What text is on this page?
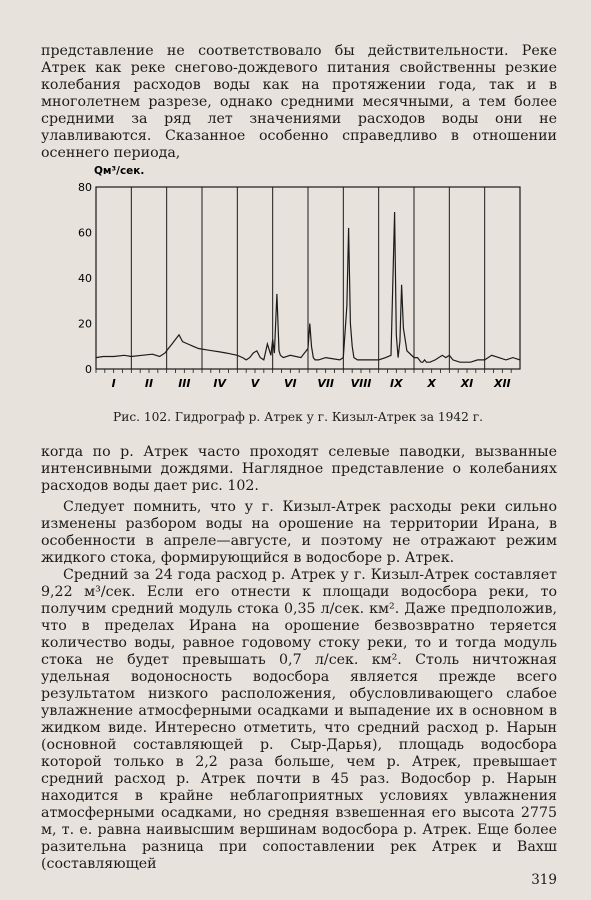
представление не соответствовало бы действительности. Реке Атрек как реке снегово-дождевого питания свойственны резкие колебания расходов воды как на протяжении года, так и в многолетнем разрезе, однако средними месячными, а тем более средними за ряд лет значениями расходов воды они не улавливаются. Сказанное особенно справедливо в отношении осеннего периода,

Qм³/сек.
0
20
40
60
80
I	II III IV V VI VII VIII IX X XI XII
Рис. 102. Гидрограф р. Атрек у г. Кизыл-Атрек за 1942 г.

когда по р. Атрек часто проходят селевые паводки, вызванные интенсивными дождями. Наглядное представление о колебаниях расходов воды дает рис. 102.

Следует помнить, что у г. Кизыл-Атрек расходы реки сильно изменены разбором воды на орошение на территории Ирана, в особенности в апреле—августе, и поэтому не отражают режим жидкого стока, формирующийся в водосборе р. Атрек.

Средний за 24 года расход р. Атрек у г. Кизыл-Атрек составляет 9,22 м³/сек. Если его отнести к площади водосбора реки, то получим средний модуль стока 0,35 л/сек. км². Даже предположив, что в пределах Ирана на орошение безвозвратно теряется количество воды, равное годовому стоку реки, то и тогда модуль стока не будет превышать 0,7 л/сек. км². Столь ничтожная удельная водоносность водосбора является прежде всего результатом низкого расположения, обусловливающего слабое увлажнение атмосферными осадками и выпадение их в основном в жидком виде. Интересно отметить, что средний расход р. Нарын (основной составляющей р. Сыр-Дарья), площадь водосбора которой только в 2,2 раза больше, чем р. Атрек, превышает средний расход р. Атрек почти в 45 раз. Водосбор р. Нарын находится в крайне неблагоприятных условиях увлажнения атмосферными осадками, но средняя взвешенная его высота 2775 м, т. е. равна наивысшим вершинам водосбора р. Атрек. Еще более разительна разница при сопоставлении рек Атрек и Вахш (составляющей

319
